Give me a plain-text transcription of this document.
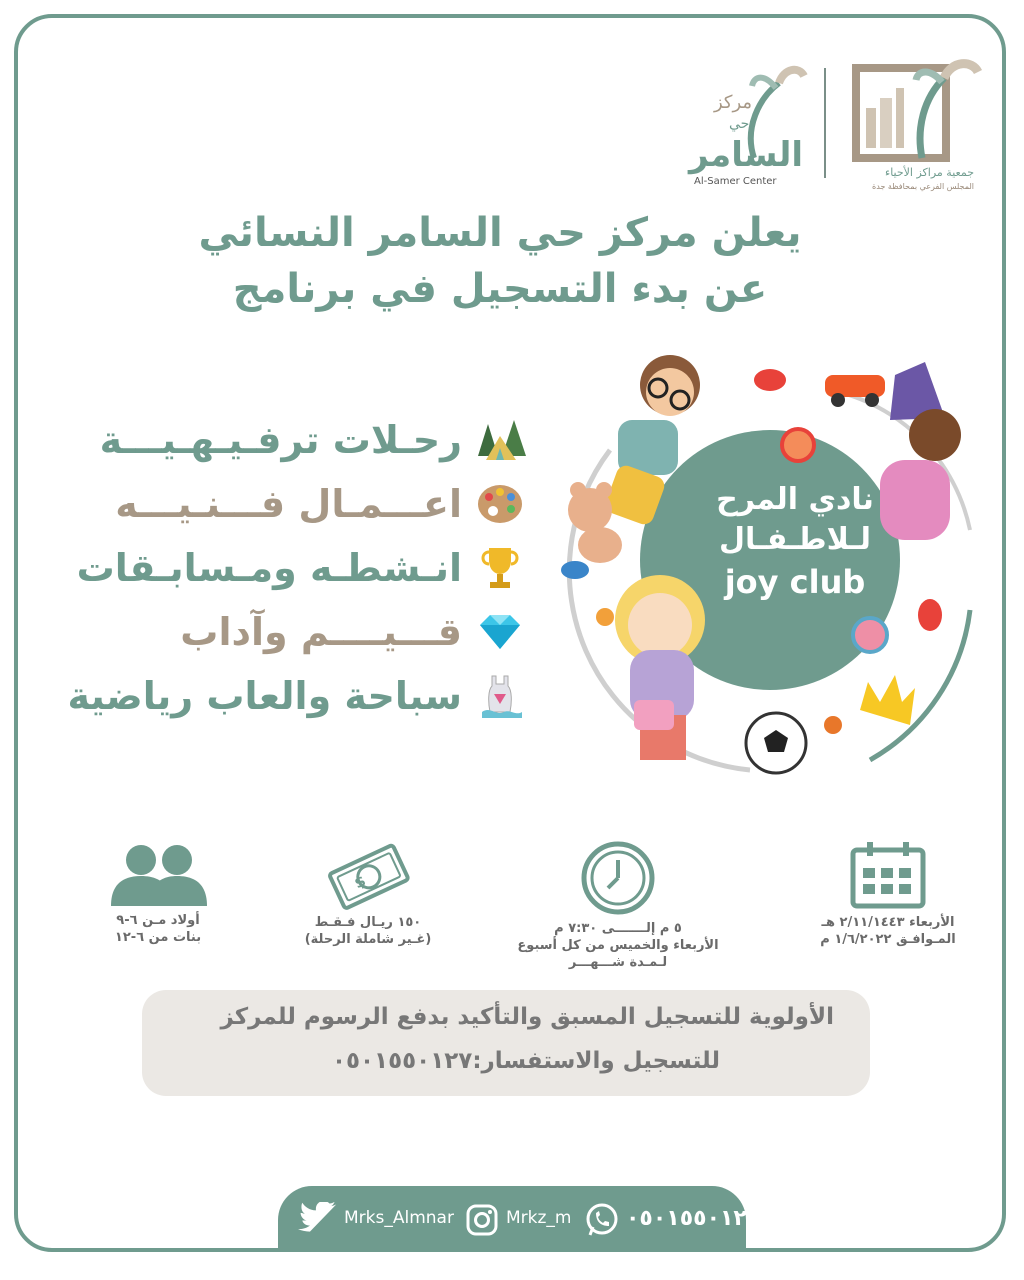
مركز
حي
السامر
Al-Samer Center
جمعية مراكز الأحياء
المجلس الفرعي بمحافظة جدة
يعلن مركز حي السامر النسائي
عن بدء التسجيل في برنامج
رحـلات ترفـيـهـيـــة
اعـــمـال فـــنـيـــه
انـشطـه ومـسابـقات
قـــيــــم وآداب
سباحة والعاب رياضية
نادي المرح
لـلاطـفـال
joy club
الأربعاء ٢/١١/١٤٤٣ هـ
المـوافـق ١/٦/٢٠٢٢ م
٥ م إلـــــــى ٧:٣٠ م
الأربعاء والخميس من كل أسبوع
لـمـدة شـــهـــر
$
١٥٠ ريـال فـقـط
(غـير شاملة الرحلة)
أولاد مـن ٦-٩
بنات من ٦-١٢
الأولوية للتسجيل المسبق والتأكيد بدفع الرسوم للمركز
للتسجيل والاستفسار:٠٥٠١٥٥٠١٢٧
Mrks_Almnar	Mrkz_m ٠٥٠١٥٥٠١٢٧
